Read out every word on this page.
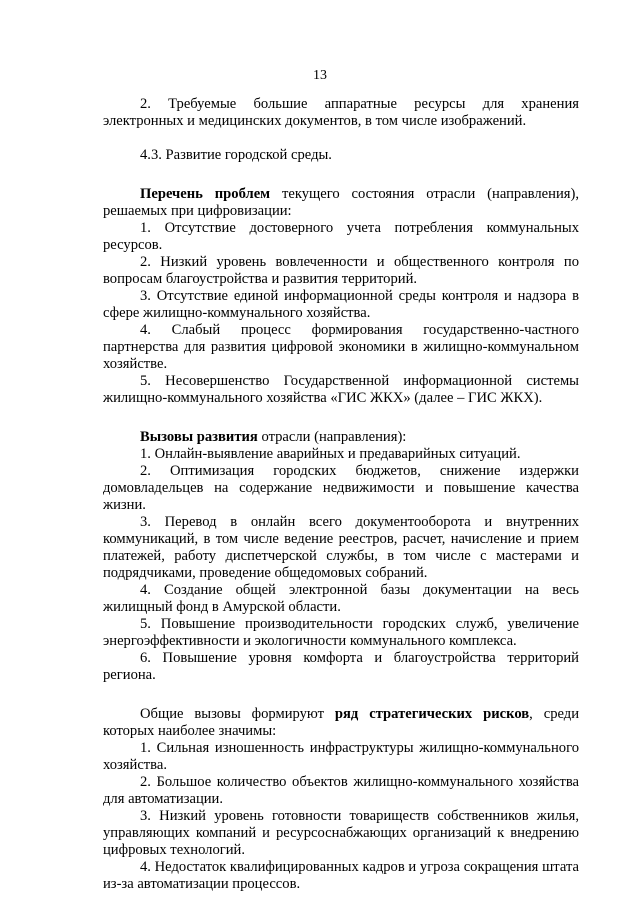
13

2. Требуемые большие аппаратные ресурсы для хранения электронных и медицинских документов, в том числе изображений.

4.3. Развитие городской среды.

Перечень проблем текущего состояния отрасли (направления), решаемых при цифровизации:

1. Отсутствие достоверного учета потребления коммунальных ресурсов.

2. Низкий уровень вовлеченности и общественного контроля по вопросам благоустройства и развития территорий.

3. Отсутствие единой информационной среды контроля и надзора в сфере жилищно-коммунального хозяйства.

4. Слабый процесс формирования государственно-частного партнерства для развития цифровой экономики в жилищно-коммунальном хозяйстве.

5. Несовершенство Государственной информационной системы жилищно-коммунального хозяйства «ГИС ЖКХ» (далее – ГИС ЖКХ).

Вызовы развития отрасли (направления):

1. Онлайн-выявление аварийных и предаварийных ситуаций.

2. Оптимизация городских бюджетов, снижение издержки домовладельцев на содержание недвижимости и повышение качества жизни.

3. Перевод в онлайн всего документооборота и внутренних коммуникаций, в том числе ведение реестров, расчет, начисление и прием платежей, работу диспетчерской службы, в том числе с мастерами и подрядчиками, проведение общедомовых собраний.

4. Создание общей электронной базы документации на весь жилищный фонд в Амурской области.

5. Повышение производительности городских служб, увеличение энергоэффективности и экологичности коммунального комплекса.

6. Повышение уровня комфорта и благоустройства территорий региона.

Общие вызовы формируют ряд стратегических рисков, среди которых наиболее значимы:

1. Сильная изношенность инфраструктуры жилищно-коммунального хозяйства.

2. Большое количество объектов жилищно-коммунального хозяйства для автоматизации.

3. Низкий уровень готовности товариществ собственников жилья, управляющих компаний и ресурсоснабжающих организаций к внедрению цифровых технологий.

4. Недостаток квалифицированных кадров и угроза сокращения штата из-за автоматизации процессов.
